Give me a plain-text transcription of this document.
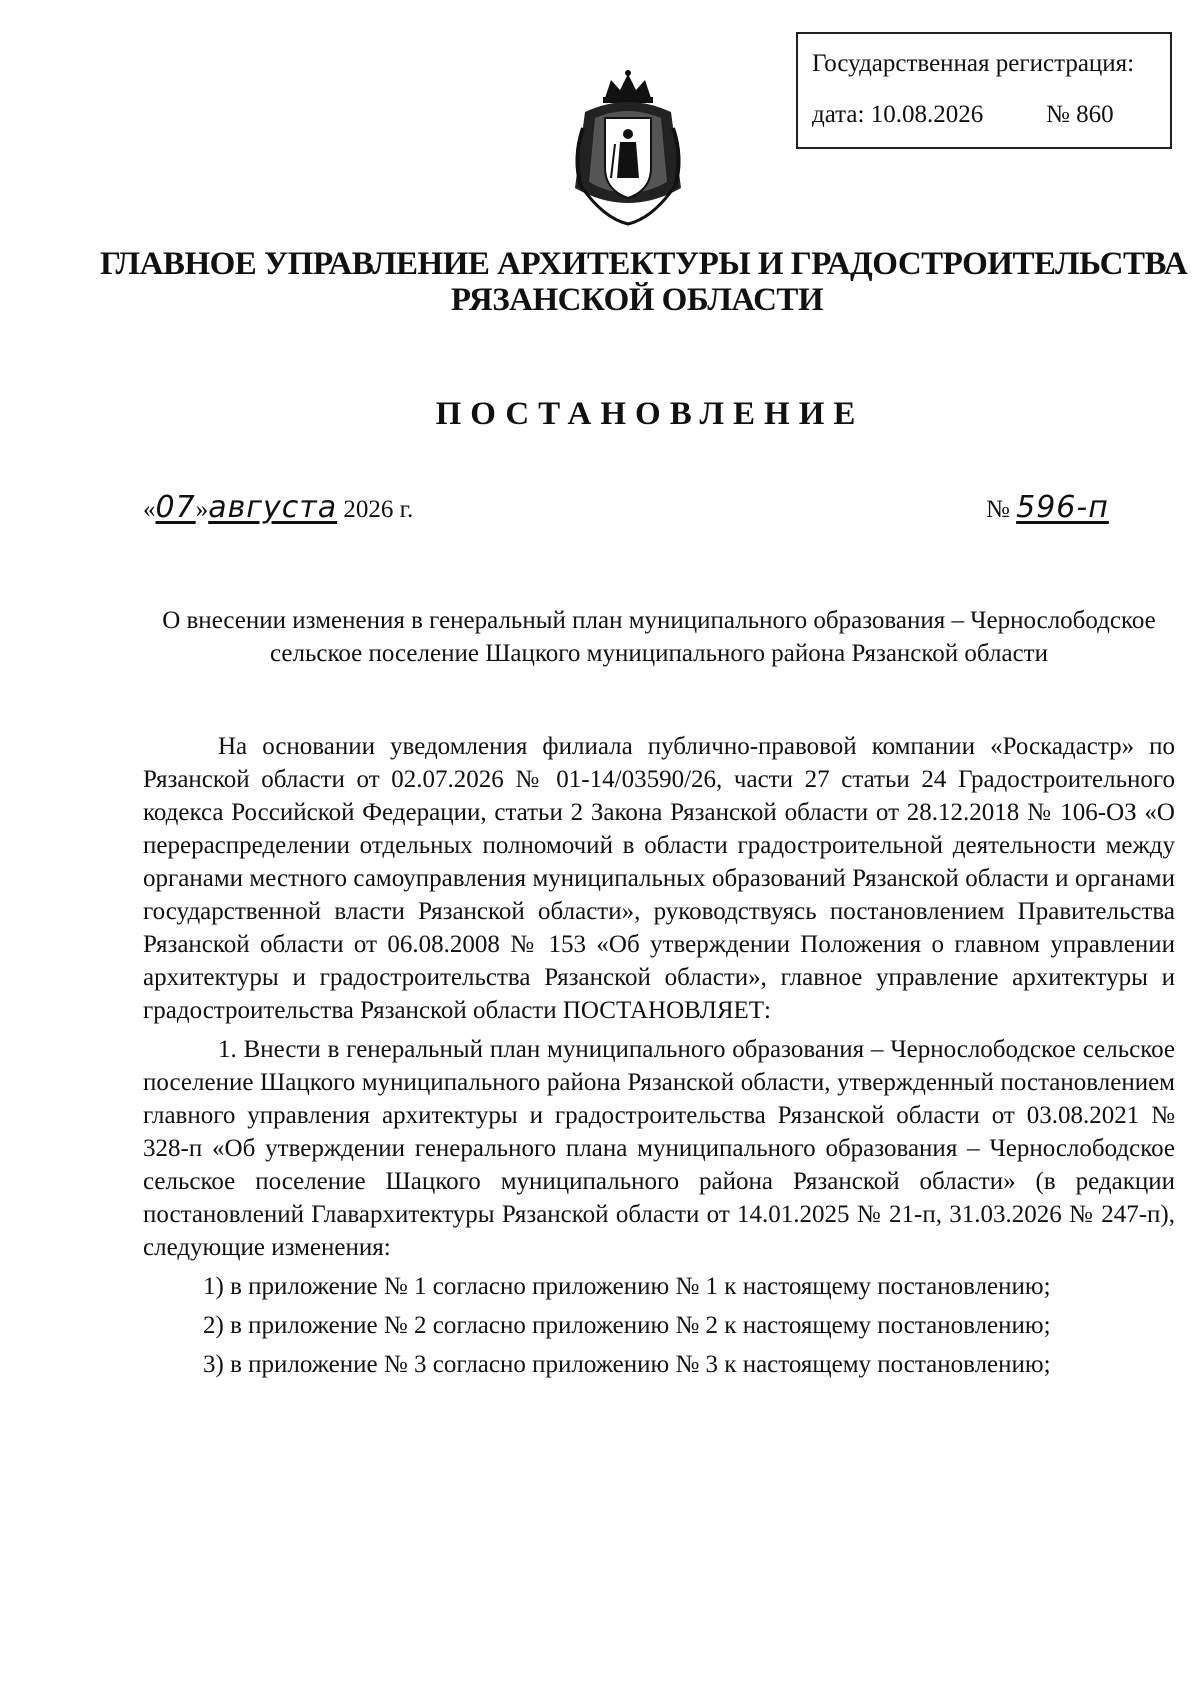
Государственная регистрация:
дата: 10.08.2026	№ 860
ГЛАВНОЕ УПРАВЛЕНИЕ АРХИТЕКТУРЫ И ГРАДОСТРОИТЕЛЬСТВА
РЯЗАНСКОЙ ОБЛАСТИ
ПОСТАНОВЛЕНИЕ
«07»августа 2026 г.	№ 596-п
О внесении изменения в генеральный план муниципального образования – Чернослободское сельское поселение Шацкого муниципального района Рязанской области

На основании уведомления филиала публично-правовой компании «Роскадастр» по Рязанской области от 02.07.2026 № 01-14/03590/26, части 27 статьи 24 Градостроительного кодекса Российской Федерации, статьи 2 Закона Рязанской области от 28.12.2018 № 106-ОЗ «О перераспределении отдельных полномочий в области градостроительной деятельности между органами местного самоуправления муниципальных образований Рязанской области и органами государственной власти Рязанской области», руководствуясь постановлением Правительства Рязанской области от 06.08.2008 № 153 «Об утверждении Положения о главном управлении архитектуры и градостроительства Рязанской области», главное управление архитектуры и градостроительства Рязанской области ПОСТАНОВЛЯЕТ:

1. Внести в генеральный план муниципального образования – Чернослободское сельское поселение Шацкого муниципального района Рязанской области, утвержденный постановлением главного управления архитектуры и градостроительства Рязанской области от 03.08.2021 № 328-п «Об утверждении генерального плана муниципального образования – Чернослободское сельское поселение Шацкого муниципального района Рязанской области» (в редакции постановлений Главархитектуры Рязанской области от 14.01.2025 № 21-п, 31.03.2026 № 247-п), следующие изменения:

1) в приложение № 1 согласно приложению № 1 к настоящему постановлению;

2) в приложение № 2 согласно приложению № 2 к настоящему постановлению;

3) в приложение № 3 согласно приложению № 3 к настоящему постановлению;
